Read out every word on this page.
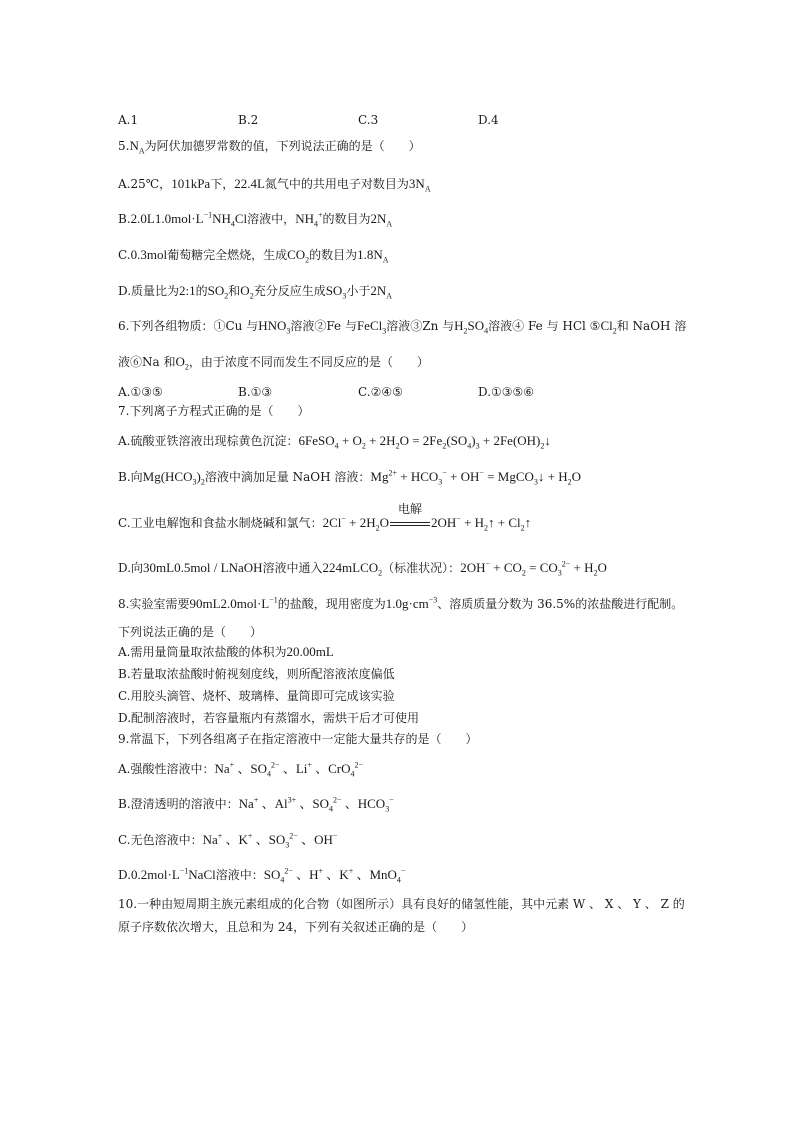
A.1	B.2	C.3	D.4
$5.N_A$为阿伏加德罗常数的值，下列说法正确的是（　　）
A.25℃，101kPa下，22.4L氮气中的共用电子对数目为$3N_A$
$B.2.0L1.0mol\cdot L^{-1}NH_4Cl$溶液中，$NH_4^+$的数目为$2N_A$
C.0.3mol葡萄糖完全燃烧，生成$CO_2$的数目为$1.8N_A$
D.质量比为2:1的$SO_2$和$O_2$充分反应生成$SO_3$小于$2N_A$
6.下列各组物质：①Cu 与$HNO_3$溶液②Fe 与FeCl$_3$溶液③Zn 与$H_2SO_4$溶液④ Fe 与 HCl $⑤Cl_2$和 NaOH 溶
液⑥Na 和$O_2$，由于浓度不同而发生不同反应的是（　　）
A.①③⑤	B.①③	C.②④⑤	D.①③⑤⑥
7.下列离子方程式正确的是（　　）
A.硫酸亚铁溶液出现棕黄色沉淀：6FeSO$_4$ + $O_2 + 2H_2O = 2Fe_2(SO_4)_3$ + $2Fe(OH)_2↓$
B.向$Mg(HCO_3)_2$溶液中滴加足量 NaOH 溶液：$Mg^{2+} + HCO_3^- + OH^-$ = MgCO$_3$↓ + $H_2O$
C.工业电解饱和食盐水制烧碱和氯气：$2Cl^- + 2H_2O$
电解
$2OH^- + H_2↑$ + $Cl_2↑$
D.向30mL0.5mol / LNaOH溶液中通入224mLCO$_2$（标准状况）：$2OH^- + CO_2 = CO_3^{2-} + H_2O$
8.实验室需要$90mL2.0mol\cdot L^{-1}$的盐酸，现用密度为$1.0g\cdot cm^{-3}$、溶质质量分数为 36.5%的浓盐酸进行配制。
下列说法正确的是（　　）
A.需用量筒量取浓盐酸的体积为20.00mL
B.若量取浓盐酸时俯视刻度线，则所配溶液浓度偏低
C.用胶头滴管、烧杯、玻璃棒、量筒即可完成该实验
D.配制溶液时，若容量瓶内有蒸馏水，需烘干后才可使用
9.常温下，下列各组离子在指定溶液中一定能大量共存的是（　　）
A.强酸性溶液中：Na+ 、$SO_4^{2-}$ 、Li+ 、CrO$_4^{2-}$
B.澄清透明的溶液中：Na+ 、$Al^{3+}$ 、$SO_4^{2-}$ 、$HCO_3^-$
C.无色溶液中：Na+ 、K+ 、$SO_3^{2-}$ 、OH−
$D.0.2mol\cdot L^{-1}NaCl$溶液中：$SO_4^{2-}$ 、H+ 、K+ 、MnO$_4$−
10.一种由短周期主族元素组成的化合物（如图所示）具有良好的储氢性能，其中元素 W 、 X 、 Y 、 Z 的
原子序数依次增大，且总和为 24，下列有关叙述正确的是（　　）
